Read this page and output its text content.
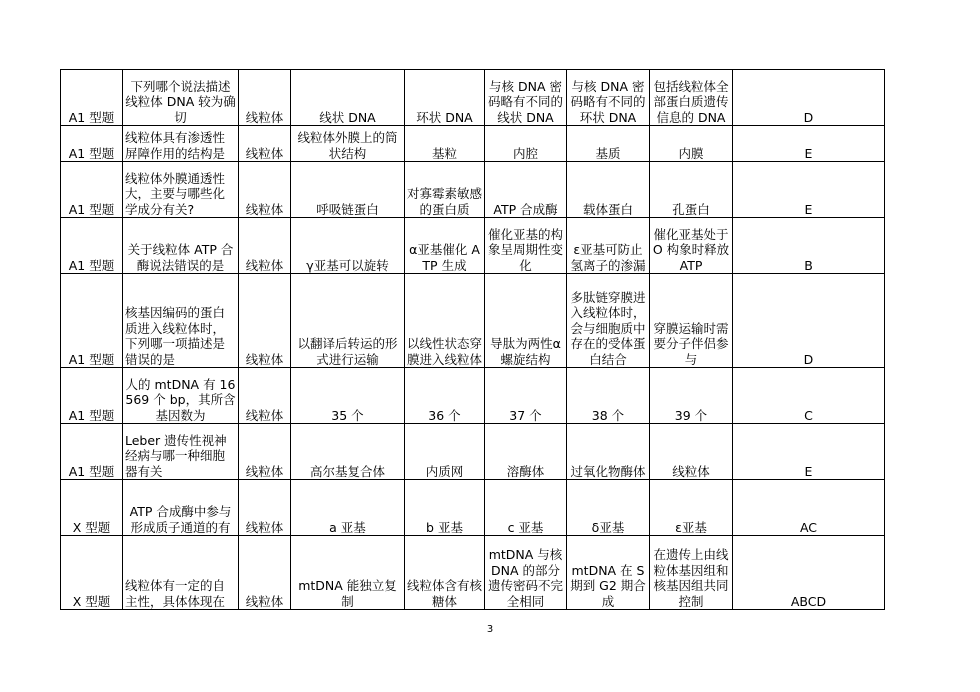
A1 型题	下列哪个说法描述线粒体 DNA 较为确切	线粒体	线状 DNA	环状 DNA	与核 DNA 密码略有不同的线状 DNA	与核 DNA 密码略有不同的环状 DNA	包括线粒体全部蛋白质遗传信息的 DNA	D
A1 型题	线粒体具有渗透性屏障作用的结构是	线粒体	线粒体外膜上的筒状结构	基粒	内腔	基质	内膜	E
A1 型题	线粒体外膜通透性大，主要与哪些化学成分有关?	线粒体	呼吸链蛋白	对寡霉素敏感的蛋白质	ATP 合成酶	载体蛋白	孔蛋白	E
A1 型题	关于线粒体 ATP 合酶说法错误的是	线粒体	γ亚基可以旋转	α亚基催化 ATP 生成	催化亚基的构象呈周期性变化	ε亚基可防止氢离子的渗漏	催化亚基处于 O 构象时释放 ATP	B
A1 型题	核基因编码的蛋白质进入线粒体时，下列哪一项描述是错误的是	线粒体	以翻译后转运的形式进行运输	以线性状态穿膜进入线粒体	导肽为两性α螺旋结构	多肽链穿膜进入线粒体时，会与细胞质中存在的受体蛋白结合	穿膜运输时需要分子伴侣参与	D
A1 型题	人的 mtDNA 有 16569 个 bp，其所含基因数为	线粒体	35 个	36 个	37 个	38 个	39 个	C
A1 型题	Leber 遗传性视神经病与哪一种细胞器有关	线粒体	高尔基复合体	内质网	溶酶体	过氧化物酶体	线粒体	E
X 型题	ATP 合成酶中参与形成质子通道的有	线粒体	a 亚基	b 亚基	c 亚基	δ亚基	ε亚基	AC
X 型题	线粒体有一定的自主性，具体体现在	线粒体	mtDNA 能独立复制	线粒体含有核糖体	mtDNA 与核 DNA 的部分遗传密码不完全相同	mtDNA 在 S 期到 G2 期合成	在遗传上由线粒体基因组和核基因组共同控制	ABCD
3
